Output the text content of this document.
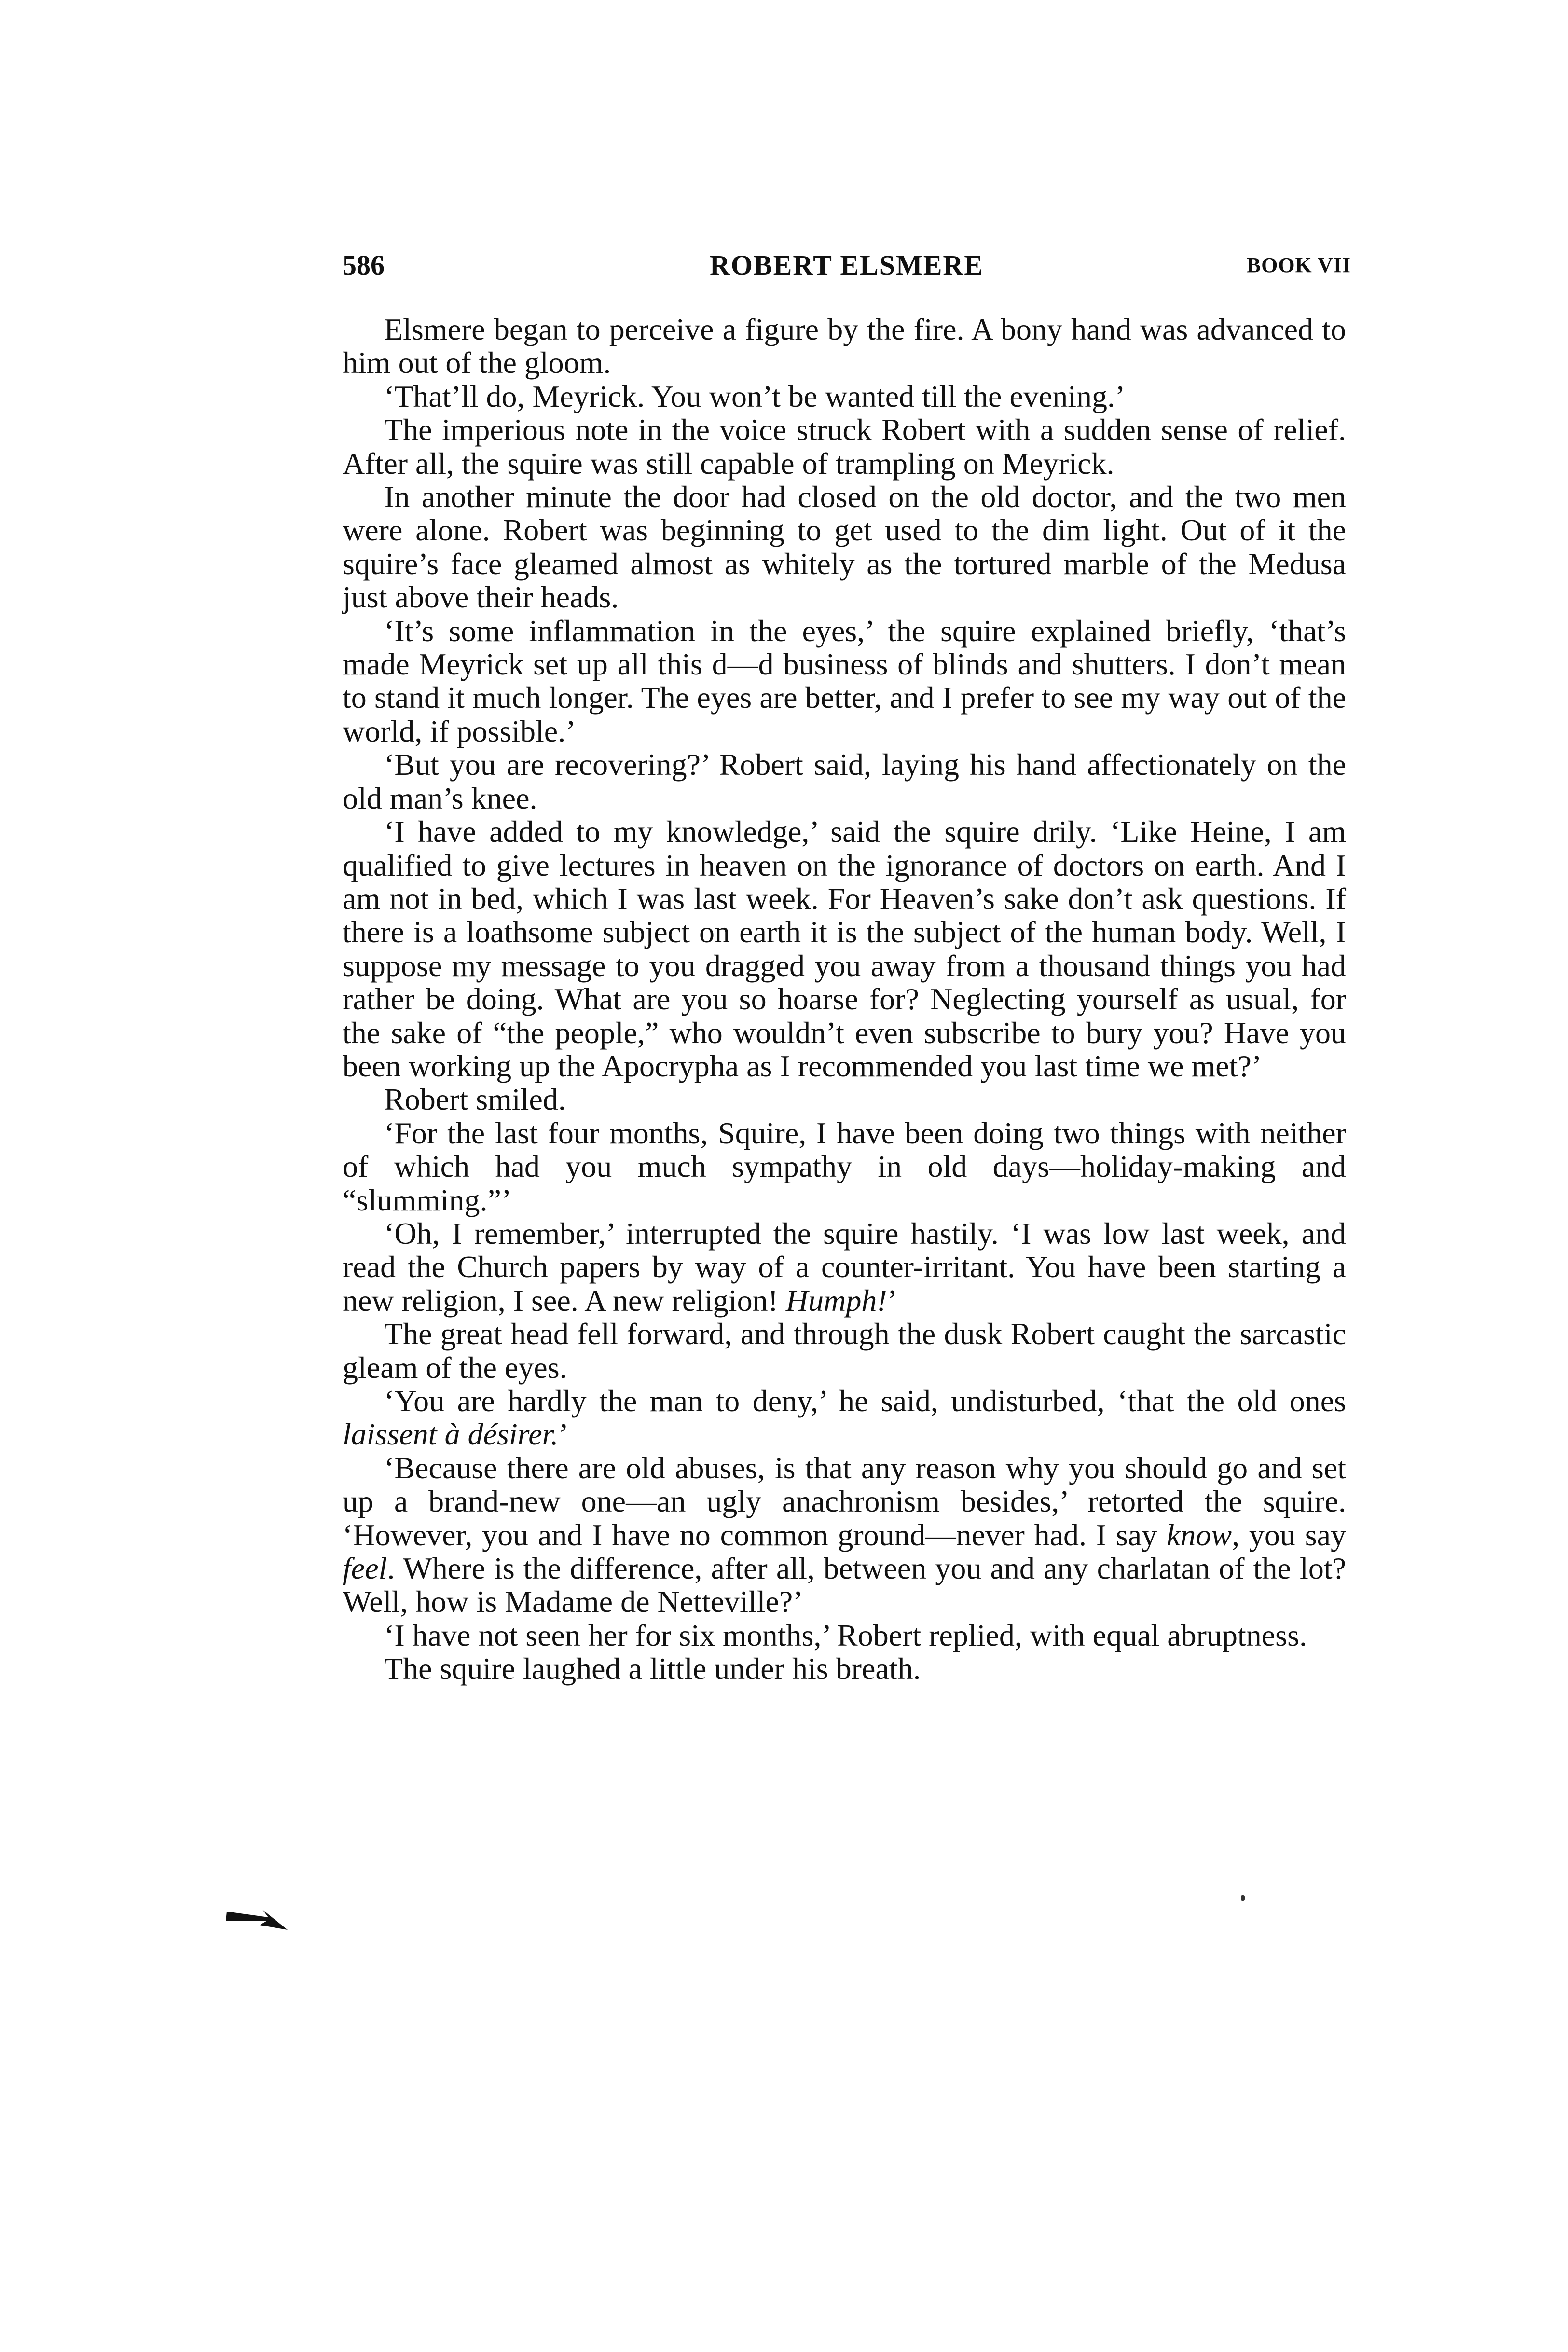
586	ROBERT ELSMERE	BOOK VII

Elsmere began to perceive a figure by the fire. A bony hand was advanced to him out of the gloom.

‘That’ll do, Meyrick. You won’t be wanted till the evening.’

The imperious note in the voice struck Robert with a sudden sense of relief. After all, the squire was still capable of trampling on Meyrick.

In another minute the door had closed on the old doctor, and the two men were alone. Robert was beginning to get used to the dim light. Out of it the squire’s face gleamed almost as whitely as the tortured marble of the Medusa just above their heads.

‘It’s some inflammation in the eyes,’ the squire explained briefly, ‘that’s made Meyrick set up all this d—d business of blinds and shutters. I don’t mean to stand it much longer. The eyes are better, and I prefer to see my way out of the world, if possible.’

‘But you are recovering?’ Robert said, laying his hand affectionately on the old man’s knee.

‘I have added to my knowledge,’ said the squire drily. ‘Like Heine, I am qualified to give lectures in heaven on the ignorance of doctors on earth. And I am not in bed, which I was last week. For Heaven’s sake don’t ask questions. If there is a loathsome subject on earth it is the subject of the human body. Well, I suppose my message to you dragged you away from a thousand things you had rather be doing. What are you so hoarse for? Neglecting yourself as usual, for the sake of “the people,” who wouldn’t even subscribe to bury you? Have you been working up the Apocrypha as I recommended you last time we met?’

Robert smiled.

‘For the last four months, Squire, I have been doing two things with neither of which had you much sympathy in old days—holiday-making and “slumming.”’

‘Oh, I remember,’ interrupted the squire hastily. ‘I was low last week, and read the Church papers by way of a counter-irritant. You have been starting a new religion, I see. A new religion! Humph!’

The great head fell forward, and through the dusk Robert caught the sarcastic gleam of the eyes.

‘You are hardly the man to deny,’ he said, undisturbed, ‘that the old ones laissent à désirer.’

‘Because there are old abuses, is that any reason why you should go and set up a brand-new one—an ugly anachronism besides,’ retorted the squire. ‘However, you and I have no common ground—never had. I say know, you say feel. Where is the difference, after all, between you and any charlatan of the lot? Well, how is Madame de Netteville?’

‘I have not seen her for six months,’ Robert replied, with equal abruptness.

The squire laughed a little under his breath.
